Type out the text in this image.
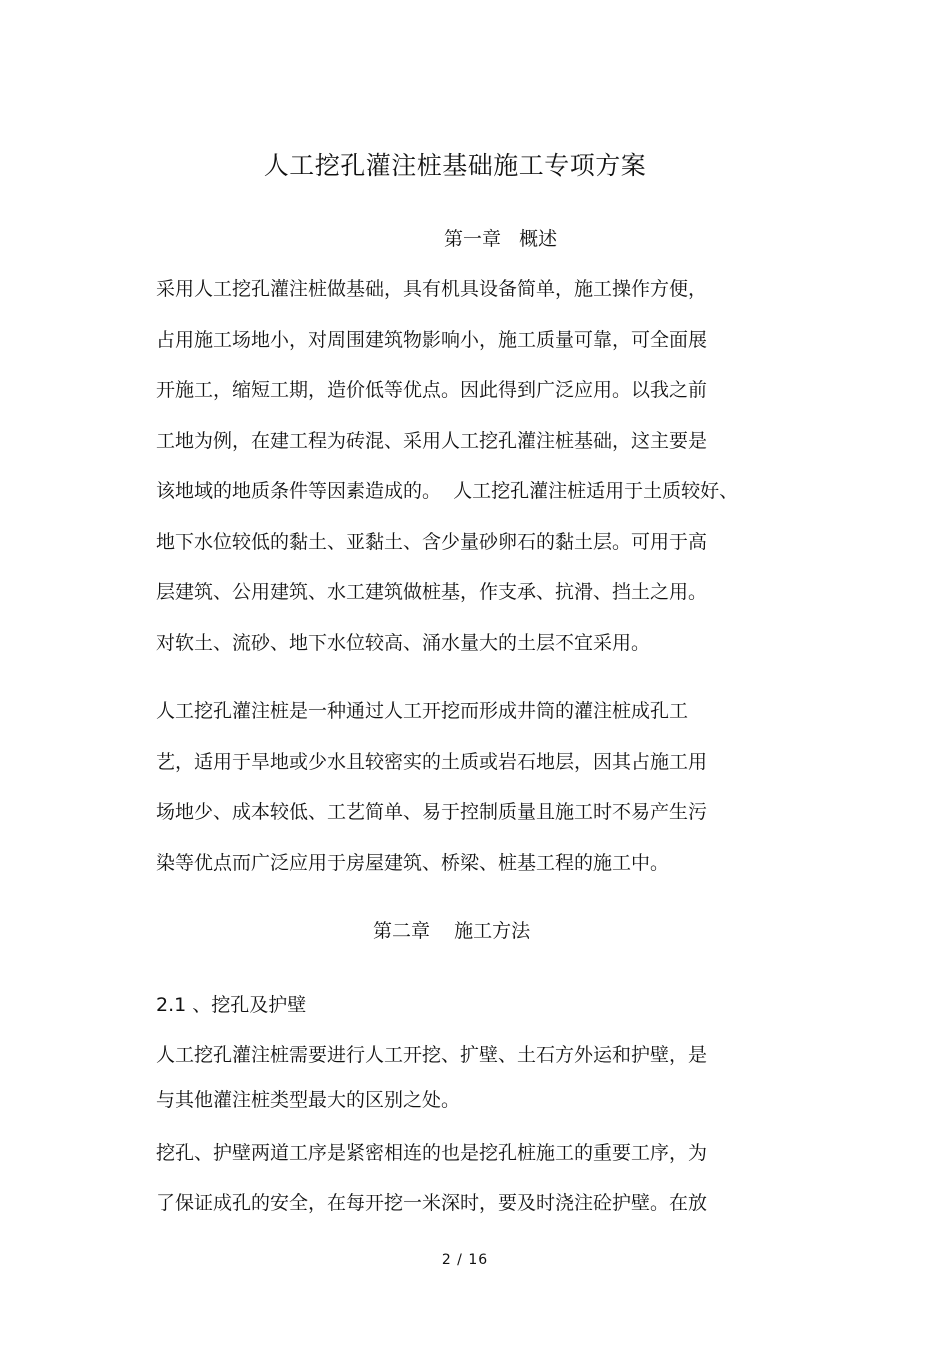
人工挖孔灌注桩基础施工专项方案
第一章   概述
采用人工挖孔灌注桩做基础，具有机具设备简单，施工操作方便，
占用施工场地小，对周围建筑物影响小，施工质量可靠，可全面展
开施工，缩短工期，造价低等优点。因此得到广泛应用。以我之前
工地为例，在建工程为砖混、采用人工挖孔灌注桩基础，这主要是
该地域的地质条件等因素造成的。  人工挖孔灌注桩适用于土质较好、
地下水位较低的黏土、亚黏土、含少量砂卵石的黏土层。可用于高
层建筑、公用建筑、水工建筑做桩基，作支承、抗滑、挡土之用。
对软土、流砂、地下水位较高、涌水量大的土层不宜采用。
人工挖孔灌注桩是一种通过人工开挖而形成井筒的灌注桩成孔工
艺，适用于旱地或少水且较密实的土质或岩石地层，因其占施工用
场地少、成本较低、工艺简单、易于控制质量且施工时不易产生污
染等优点而广泛应用于房屋建筑、桥梁、桩基工程的施工中。
第二章    施工方法
2.1 、挖孔及护壁
人工挖孔灌注桩需要进行人工开挖、扩壁、土石方外运和护壁，是
与其他灌注桩类型最大的区别之处。
挖孔、护壁两道工序是紧密相连的也是挖孔桩施工的重要工序，为
了保证成孔的安全，在每开挖一米深时，要及时浇注砼护壁。在放
2 / 16
